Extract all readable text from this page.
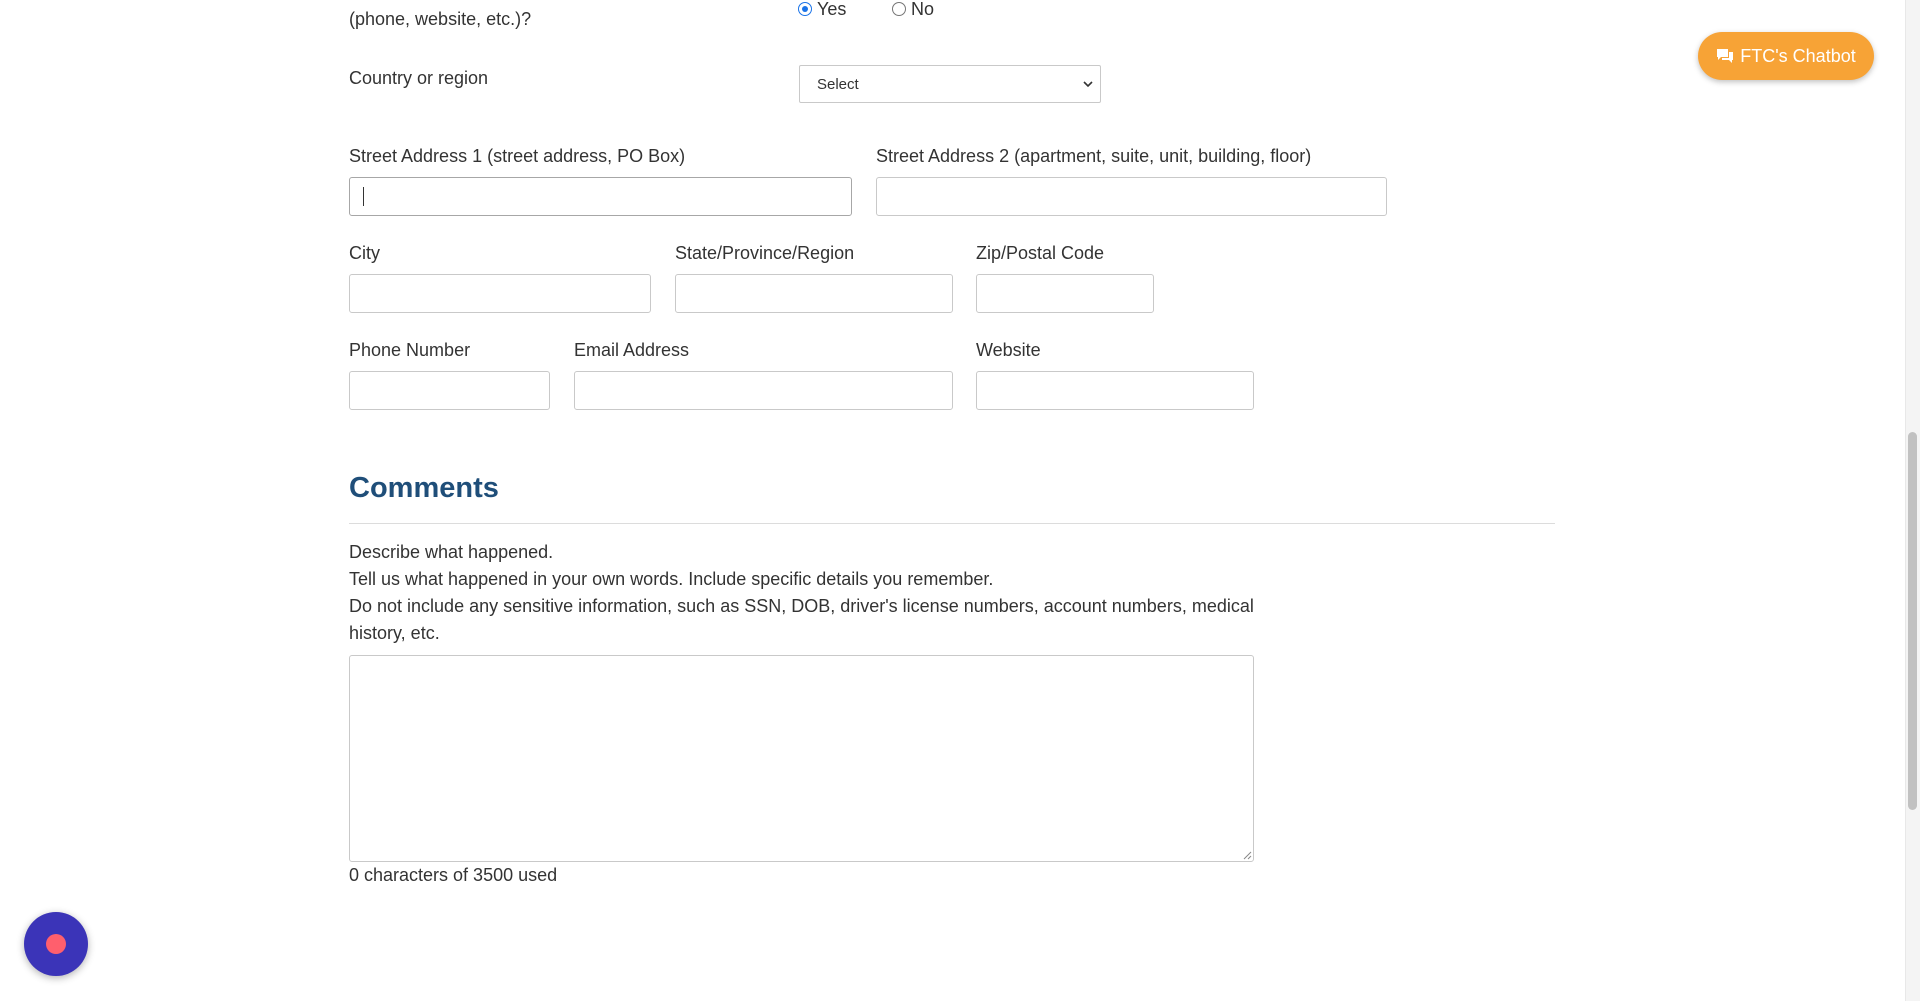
(phone, website, etc.)?	Yes	No
Country or region	Select
Street Address 1 (street address, PO Box)	Street Address 2 (apartment, suite, unit, building, floor)
City	State/Province/Region	Zip/Postal Code
Phone Number	Email Address	Website
Comments
Describe what happened.
Tell us what happened in your own words. Include specific details you remember.
Do not include any sensitive information, such as SSN, DOB, driver's license numbers, account numbers, medical
history, etc.
0 characters of 3500 used
FTC's Chatbot
